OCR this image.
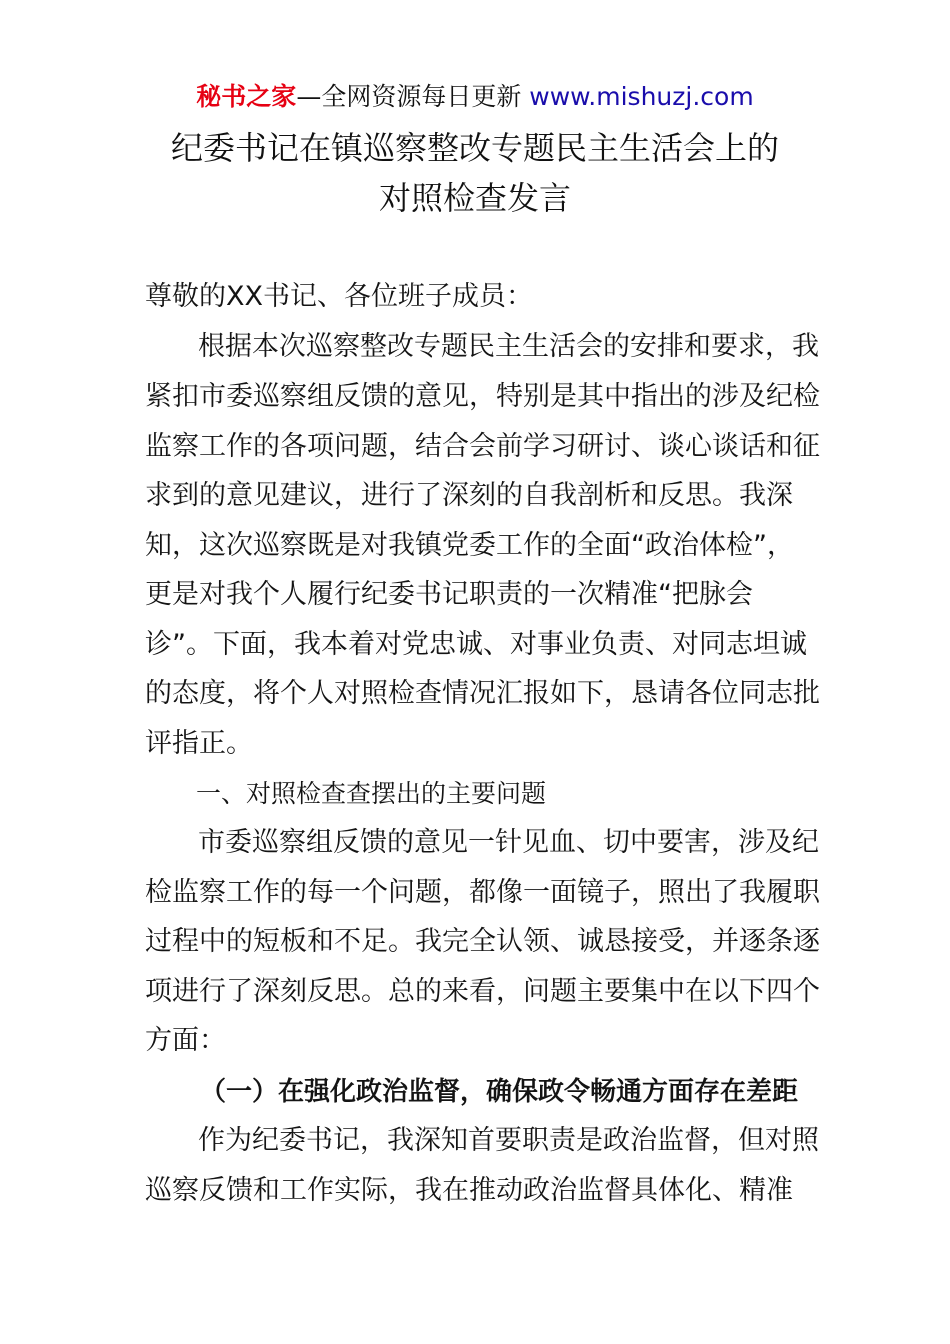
秘书之家—全网资源每日更新 www.mishuzj.com
纪委书记在镇巡察整改专题民主生活会上的
对照检查发言
尊敬的XX书记、各位班子成员：
根据本次巡察整改专题民主生活会的安排和要求，我
紧扣市委巡察组反馈的意见，特别是其中指出的涉及纪检
监察工作的各项问题，结合会前学习研讨、谈心谈话和征
求到的意见建议，进行了深刻的自我剖析和反思。我深
知，这次巡察既是对我镇党委工作的全面“政治体检”，
更是对我个人履行纪委书记职责的一次精准“把脉会
诊”。下面，我本着对党忠诚、对事业负责、对同志坦诚
的态度，将个人对照检查情况汇报如下，恳请各位同志批
评指正。
一、对照检查查摆出的主要问题
市委巡察组反馈的意见一针见血、切中要害，涉及纪
检监察工作的每一个问题，都像一面镜子，照出了我履职
过程中的短板和不足。我完全认领、诚恳接受，并逐条逐
项进行了深刻反思。总的来看，问题主要集中在以下四个
方面：
（一）在强化政治监督，确保政令畅通方面存在差距
作为纪委书记，我深知首要职责是政治监督，但对照
巡察反馈和工作实际，我在推动政治监督具体化、精准
